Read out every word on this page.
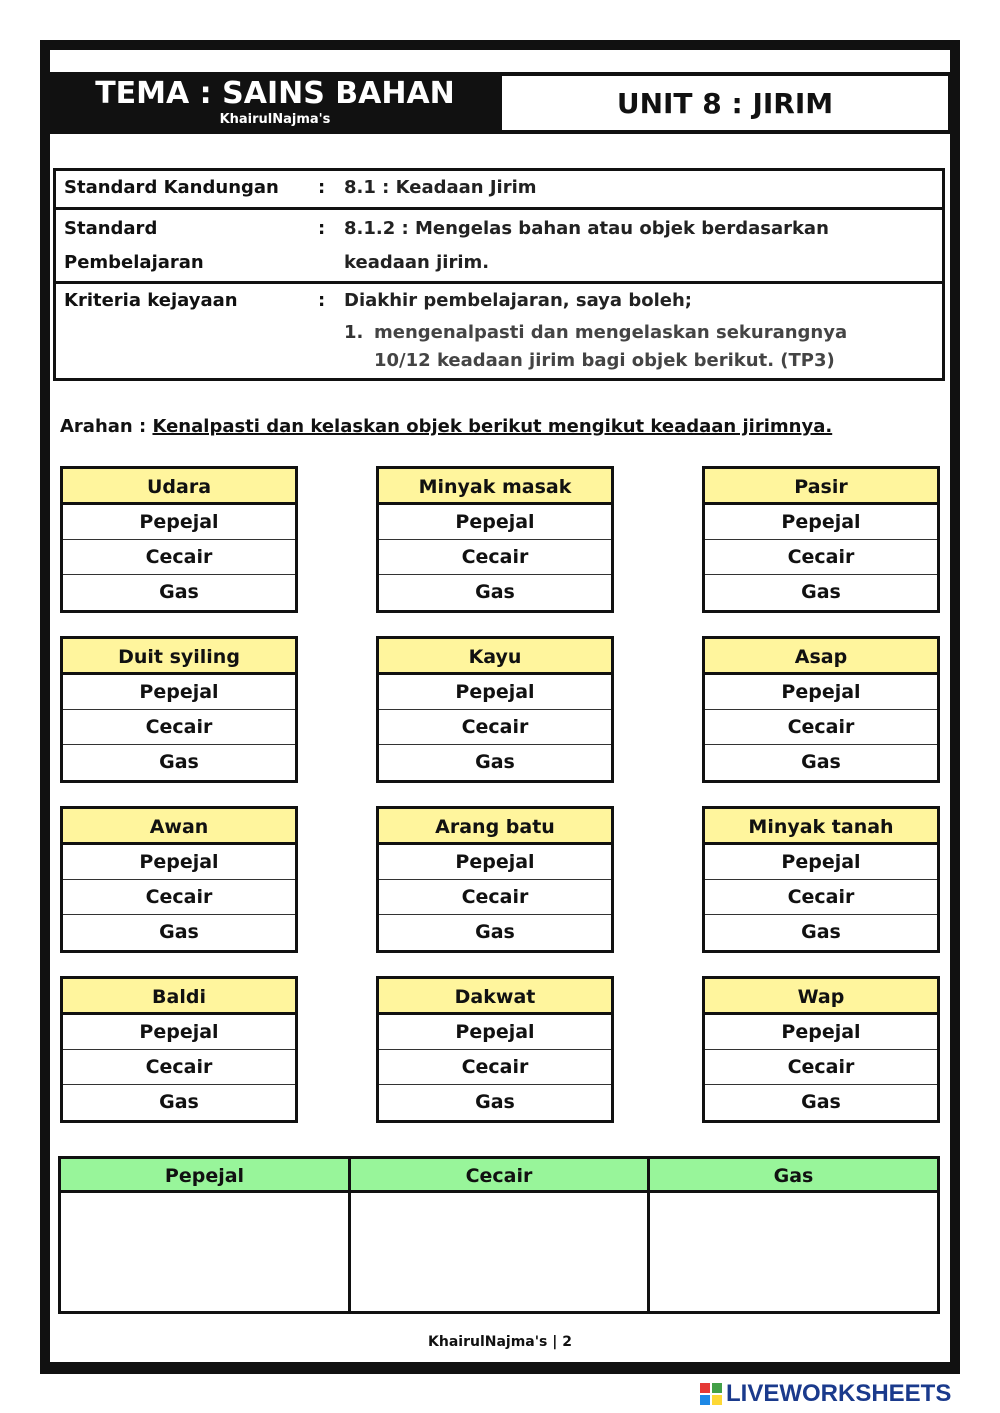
TEMA : SAINS BAHAN
KhairulNajma's	UNIT 8 : JIRIM
Standard Kandungan : 8.1 : Keadaan Jirim
Standard
Pembelajaran
: 8.1.2 : Mengelas bahan atau objek berdasarkan
keadaan jirim.
Kriteria kejayaan	: Diakhir pembelajaran, saya boleh;
1. mengenalpasti dan mengelaskan sekurangnya
10/12 keadaan jirim bagi objek berikut. (TP3)
Arahan : Kenalpasti dan kelaskan objek berikut mengikut keadaan jirimnya.
Udara
Pepejal
Cecair
Gas
Minyak masak
Pepejal
Cecair
Gas
Pasir
Pepejal
Cecair
Gas
Duit syiling
Pepejal
Cecair
Gas
Kayu
Pepejal
Cecair
Gas
Asap
Pepejal
Cecair
Gas
Awan
Pepejal
Cecair
Gas
Arang batu
Pepejal
Cecair
Gas
Minyak tanah
Pepejal
Cecair
Gas
Baldi
Pepejal
Cecair
Gas
Dakwat
Pepejal
Cecair
Gas
Wap
Pepejal
Cecair
Gas
Pepejal	Cecair	Gas
KhairulNajma's | 2
LIVEWORKSHEETS
